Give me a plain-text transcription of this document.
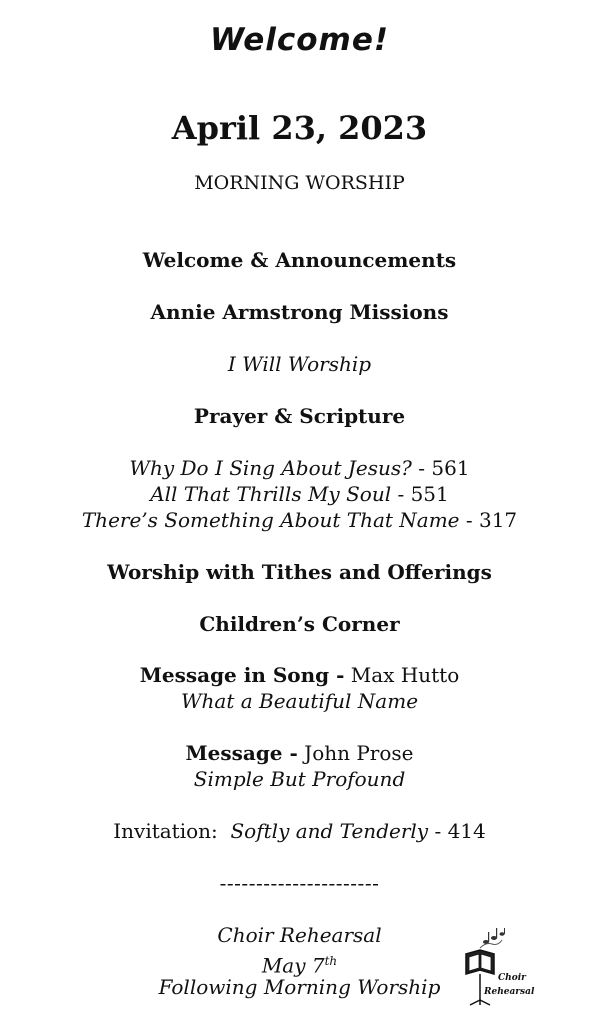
Welcome!
April 23, 2023
MORNING WORSHIP
Welcome & Announcements
Annie Armstrong Missions
I Will Worship
Prayer & Scripture
Why Do I Sing About Jesus? - 561
All That Thrills My Soul - 551
There’s Something About That Name - 317
Worship with Tithes and Offerings
Children’s Corner
Message in Song - Max Hutto
What a Beautiful Name
Message - John Prose
Simple But Profound
Invitation:  Softly and Tenderly - 414
----------------------
Choir Rehearsal
May 7th
Following Morning Worship	Choir
Rehearsal
